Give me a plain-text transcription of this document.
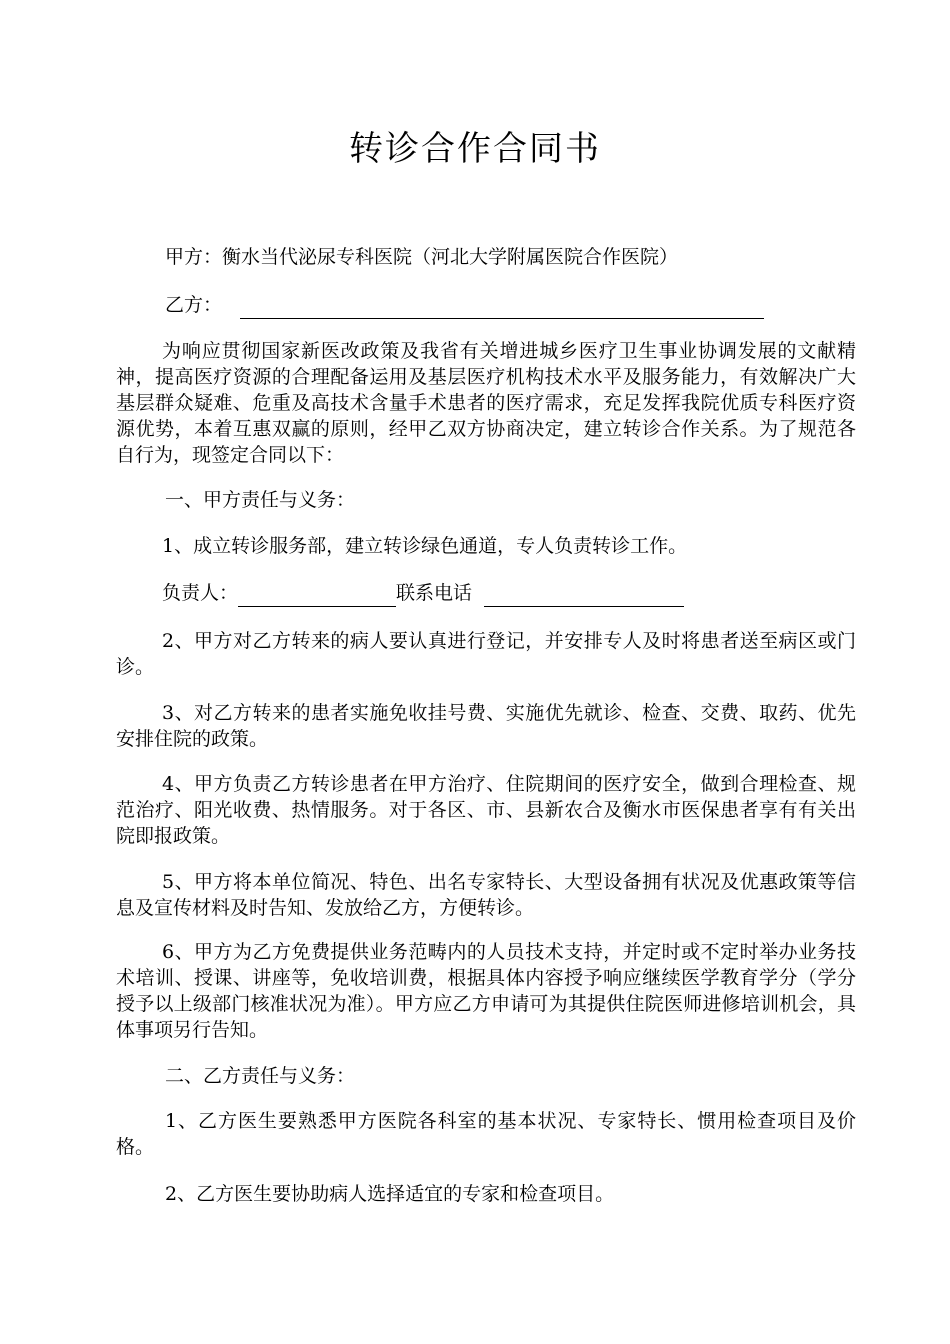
转诊合作合同书
甲方：衡水当代泌尿专科医院（河北大学附属医院合作医院）
乙方：
为响应贯彻国家新医改政策及我省有关增进城乡医疗卫生事业协调发展的文献精神，提高医疗资源的合理配备运用及基层医疗机构技术水平及服务能力，有效解决广大基层群众疑难、危重及高技术含量手术患者的医疗需求，充足发挥我院优质专科医疗资源优势，本着互惠双赢的原则，经甲乙双方协商决定，建立转诊合作关系。为了规范各自行为，现签定合同以下：
一、甲方责任与义务：
1、成立转诊服务部，建立转诊绿色通道，专人负责转诊工作。
负责人：	联系电话
2、甲方对乙方转来的病人要认真进行登记，并安排专人及时将患者送至病区或门诊。
3、对乙方转来的患者实施免收挂号费、实施优先就诊、检查、交费、取药、优先安排住院的政策。
4、甲方负责乙方转诊患者在甲方治疗、住院期间的医疗安全，做到合理检查、规范治疗、阳光收费、热情服务。对于各区、市、县新农合及衡水市医保患者享有有关出院即报政策。
5、甲方将本单位简况、特色、出名专家特长、大型设备拥有状况及优惠政策等信息及宣传材料及时告知、发放给乙方，方便转诊。
6、甲方为乙方免费提供业务范畴内的人员技术支持，并定时或不定时举办业务技术培训、授课、讲座等，免收培训费，根据具体内容授予响应继续医学教育学分（学分授予以上级部门核准状况为准）。甲方应乙方申请可为其提供住院医师进修培训机会，具体事项另行告知。
二、乙方责任与义务：
1、乙方医生要熟悉甲方医院各科室的基本状况、专家特长、惯用检查项目及价格。
2、乙方医生要协助病人选择适宜的专家和检查项目。
